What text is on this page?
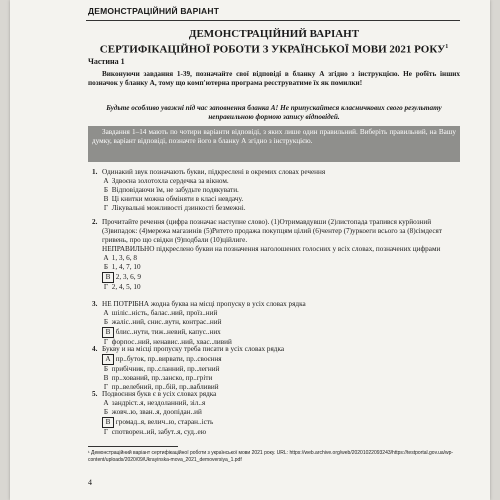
ДЕМОНСТРАЦІЙНИЙ ВАРІАНТ
ДЕМОНСТРАЦІЙНИЙ ВАРІАНТ
СЕРТИФІКАЦІЙНОЇ РОБОТИ З УКРАЇНСЬКОЇ МОВИ 2021 РОКУ$^1$
Частина 1
Виконуючи завдання 1-39, позначайте свої відповіді в бланку А згідно з інструкцією. Не робіть інших позначок у бланку А, тому що комп'ютерна програма реєструватиме їх як помилки!
Будьте особливо уважні під час заповнення бланка А! Не припускайтеся класничкових свого результату неправильною формою запису відповідей.
Завдання 1–14 мають по чотири варіанти відповіді, з яких лише один правильний. Виберіть правильний, на Вашу думку, варіант відповіді, позначте його в бланку А згідно з інструкцією.
1. Одинакий звук позначають букви, підкреслені в окремих словах речення
А Здвоєна золотохла сердечка за вікном.
Б Відповідаючи їм, не забудьте подякувати.
В Ці книтки можна обміняти в класі невдачу.
Г Лікувальні можливості дзинкості безмежні.
2. Прочитайте речення (цифра позначає наступне слово). (1)Отримавдувши (2)листопада трапився курйозний (3)випадок: (4)мережа магазинів (5)Ритето продажа покупцям цілий (6)чентер (7)уркоеги всього за (8)сімдесят гривень, про що свідки (9)подбали (10)ційлиге.
НЕПРАВИЛЬНО підкреслено букви на позначення наголошених голосних у всіх словах, позначених цифрами
А 1, 3, 6, 8
Б 1, 4, 7, 10
В 2, 3, 6, 9
Г 2, 4, 5, 10
3. НЕ ПОТРІБНА жодна буква на місці пропуску в усіх словах рядка
А шіліс..ність, балас..ний, проїз..ний
Б жаліс..ний, снис..вутн, контрас..ний
В блис..нути, тиж..невий, капус..них
Г форпос..ний, ненавис..ний, хвас..ливий
4. Букву и на місці пропуску треба писати в усіх словах рядка
А пр..буток, пр..вирвати, пр..своєння
Б прибічник, пр..сланний, пр..легний
В пр..хований, пр..занско, пр..гріти
Г пр..велебний, пр..бій, пр..вабливий
5. Подвоєння букв є в усіх словах рядка
А зандріст..я, нездоланний, зіл..я
Б жовч..ю, зван..я, доопідан..ий
В громад..я, велич..ю, старан..ість
Г спотворен..ий, забут..я, суд..ею
¹ Демонстраційний варіант сертифікаційної роботи з української мови 2021 року. URL: https://web.archive.org/web/20201022093243/https://testportal.gov.ua/wp-content/uploads/2020/09/Ukrayinska-mova_2021_demoversiya_1.pdf
4
